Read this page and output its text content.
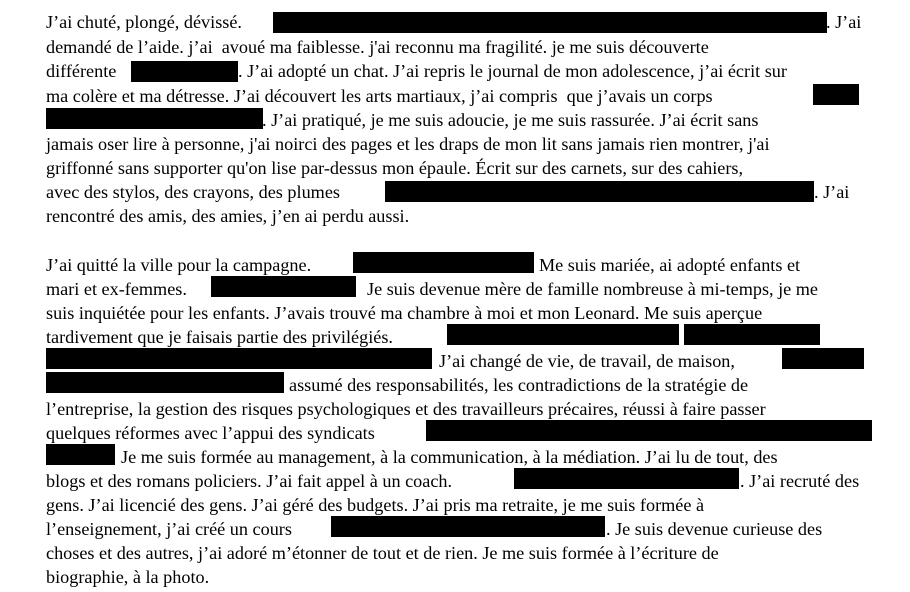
J’ai chuté, plongé, dévissé.	. J’ai
demandé de l’aide. j’ai  avoué ma faiblesse. j'ai reconnu ma fragilité. je me suis découverte
différente	. J’ai adopté un chat. J’ai repris le journal de mon adolescence, j’ai écrit sur
ma colère et ma détresse. J’ai découvert les arts martiaux, j’ai compris  que j’avais un corps
. J’ai pratiqué, je me suis adoucie, je me suis rassurée. J’ai écrit sans
jamais oser lire à personne, j'ai noirci des pages et les draps de mon lit sans jamais rien montrer, j'ai
griffonné sans supporter qu'on lise par-dessus mon épaule. Écrit sur des carnets, sur des cahiers,
avec des stylos, des crayons, des plumes	. J’ai
rencontré des amis, des amies, j’en ai perdu aussi.
J’ai quitté la ville pour la campagne.	Me suis mariée, ai adopté enfants et
mari et ex-femmes.	Je suis devenue mère de famille nombreuse à mi-temps, je me
suis inquiétée pour les enfants. J’avais trouvé ma chambre à moi et mon Leonard. Me suis aperçue
tardivement que je faisais partie des privilégiés.
J’ai changé de vie, de travail, de maison,
assumé des responsabilités, les contradictions de la stratégie de
l’entreprise, la gestion des risques psychologiques et des travailleurs précaires, réussi à faire passer
quelques réformes avec l’appui des syndicats
Je me suis formée au management, à la communication, à la médiation. J’ai lu de tout, des
blogs et des romans policiers. J’ai fait appel à un coach.	. J’ai recruté des
gens. J’ai licencié des gens. J’ai géré des budgets. J’ai pris ma retraite, je me suis formée à
l’enseignement, j’ai créé un cours	. Je suis devenue curieuse des
choses et des autres, j’ai adoré m’étonner de tout et de rien. Je me suis formée à l’écriture de
biographie, à la photo.
